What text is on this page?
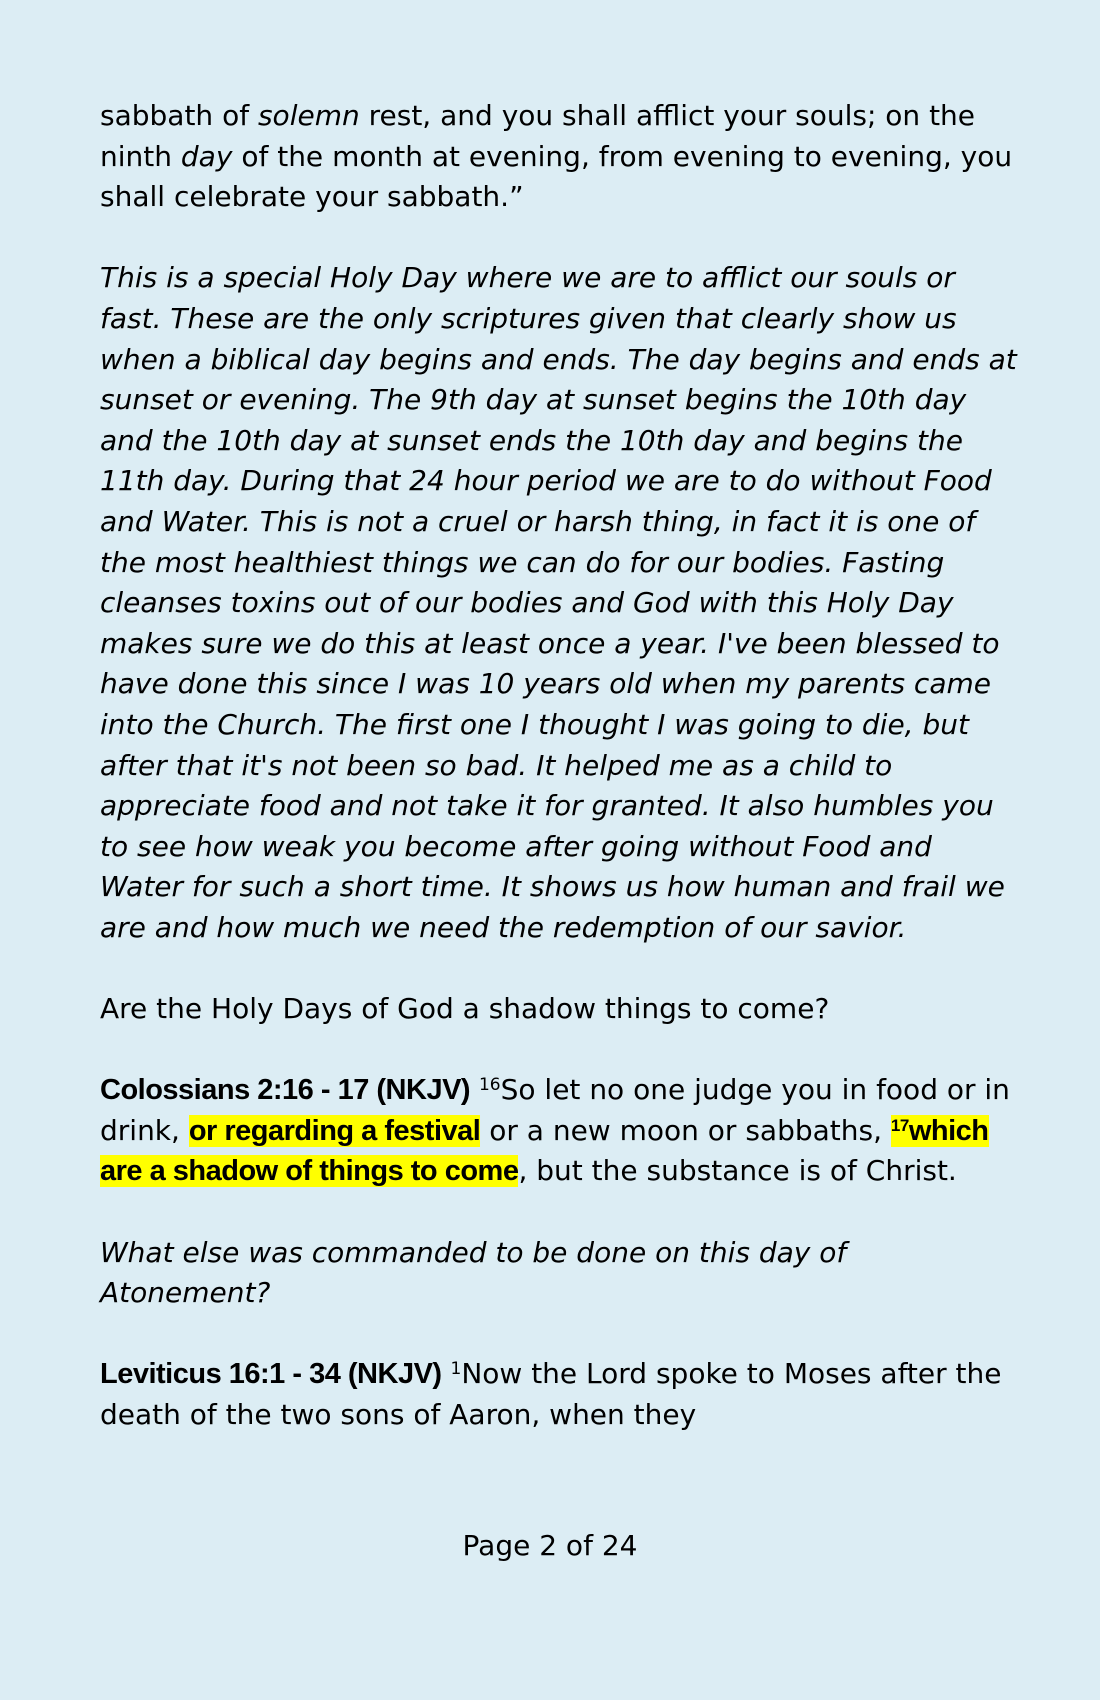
sabbath of solemn rest, and you shall afflict your souls; on the ninth day of the month at evening, from evening to evening, you shall celebrate your sabbath.”

This is a special Holy Day where we are to afflict our souls or fast. These are the only scriptures given that clearly show us when a biblical day begins and ends. The day begins and ends at sunset or evening. The 9th day at sunset begins the 10th day and the 10th day at sunset ends the 10th day and begins the 11th day. During that 24 hour period we are to do without Food and Water. This is not a cruel or harsh thing, in fact it is one of the most healthiest things we can do for our bodies. Fasting cleanses toxins out of our bodies and God with this Holy Day makes sure we do this at least once a year. I've been blessed to have done this since I was 10 years old when my parents came into the Church. The first one I thought I was going to die, but after that it's not been so bad. It helped me as a child to appreciate food and not take it for granted. It also humbles you to see how weak you become after going without Food and Water for such a short time. It shows us how human and frail we are and how much we need the redemption of our savior.

Are the Holy Days of God a shadow things to come?

Colossians 2:16 - 17 (NKJV) $^{16}$So let no one judge you in food or in drink, or regarding a festival or a new moon or sabbaths, $^{17}$which are a shadow of things to come, but the substance is of Christ.

What else was commanded to be done on this day of Atonement?

Leviticus 16:1 - 34 (NKJV) $^1$Now the Lord spoke to Moses after the death of the two sons of Aaron, when they

Page 2 of 24
